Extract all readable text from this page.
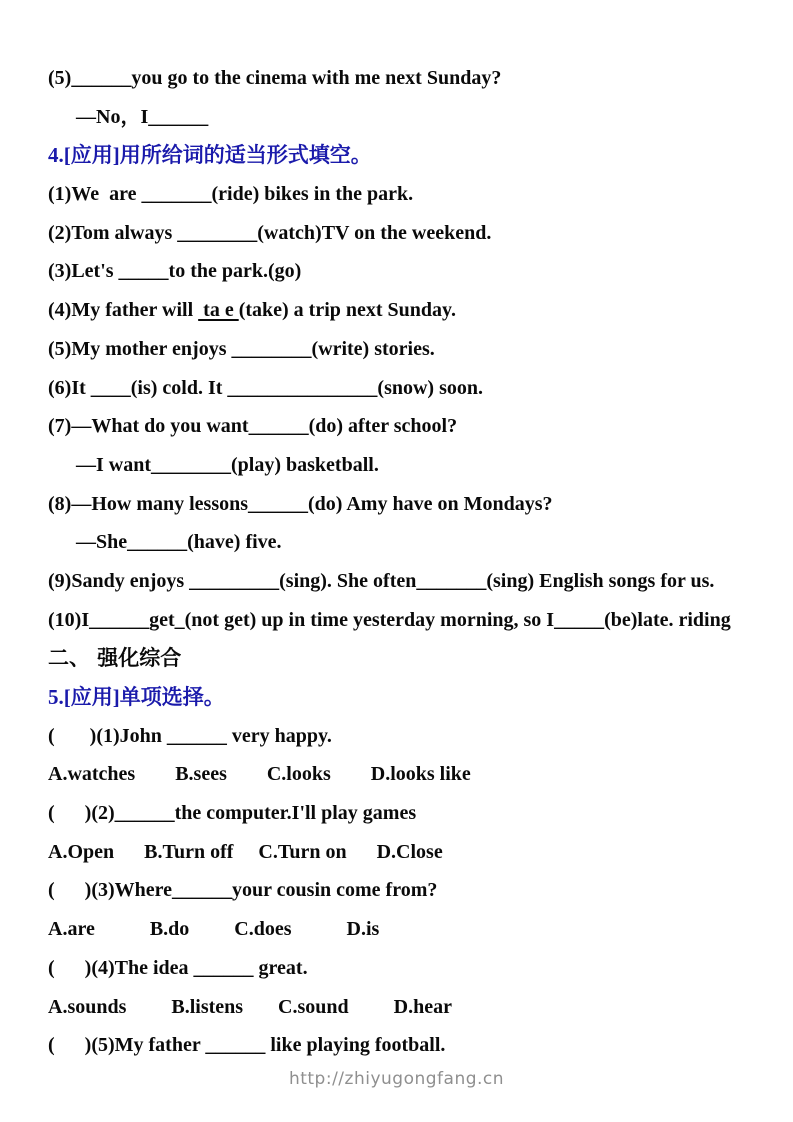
(5)______you go to the cinema with me next Sunday?

—No，I______

4.[应用]用所给词的适当形式填空。

(1)We  are _______(ride) bikes in the park.

(2)Tom always ________(watch)TV on the weekend.

(3)Let's _____to the park.(go)

(4)My father will  ta e (take) a trip next Sunday.

(5)My mother enjoys ________(write) stories.

(6)It ____(is) cold. It _______________(snow) soon.

(7)—What do you want______(do) after school?

—I want________(play) basketball.

(8)—How many lessons______(do) Amy have on Mondays?

—She______(have) five.

(9)Sandy enjoys _________(sing). She often_______(sing) English songs for us.

(10)I______get_(not get) up in time yesterday morning, so I_____(be)late. riding

二、 强化综合

5.[应用]单项选择。

(       )(1)John ______ very happy.

A.watches        B.sees        C.looks        D.looks like

(      )(2)______the computer.I'll play games

A.Open      B.Turn off     C.Turn on      D.Close

(      )(3)Where______your cousin come from?

A.are           B.do         C.does           D.is

(      )(4)The idea ______ great.

A.sounds         B.listens       C.sound         D.hear

(      )(5)My father ______ like playing football.

http://zhiyugongfang.cn
